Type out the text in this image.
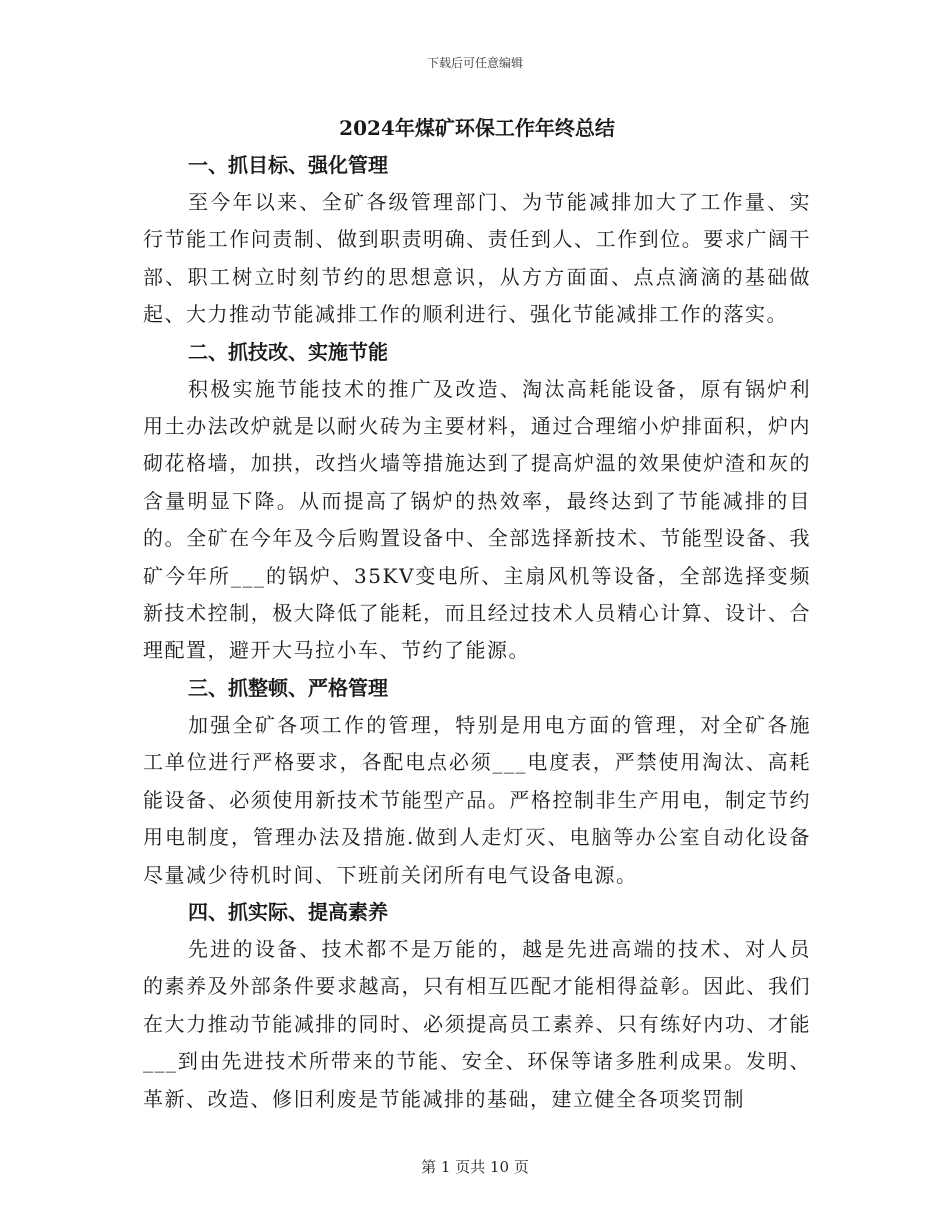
下载后可任意编辑
2024年煤矿环保工作年终总结
一、抓目标、强化管理

至今年以来、全矿各级管理部门、为节能减排加大了工作量、实行节能工作问责制、做到职责明确、责任到人、工作到位。要求广阔干部、职工树立时刻节约的思想意识，从方方面面、点点滴滴的基础做起、大力推动节能减排工作的顺利进行、强化节能减排工作的落实。

二、抓技改、实施节能

积极实施节能技术的推广及改造、淘汰高耗能设备，原有锅炉利用土办法改炉就是以耐火砖为主要材料，通过合理缩小炉排面积，炉内砌花格墙，加拱，改挡火墙等措施达到了提高炉温的效果使炉渣和灰的含量明显下降。从而提高了锅炉的热效率，最终达到了节能减排的目的。全矿在今年及今后购置设备中、全部选择新技术、节能型设备、我矿今年所___的锅炉、35KV变电所、主扇风机等设备，全部选择变频新技术控制，极大降低了能耗，而且经过技术人员精心计算、设计、合理配置，避开大马拉小车、节约了能源。

三、抓整顿、严格管理

加强全矿各项工作的管理，特别是用电方面的管理，对全矿各施工单位进行严格要求，各配电点必须___电度表，严禁使用淘汰、高耗能设备、必须使用新技术节能型产品。严格控制非生产用电，制定节约用电制度，管理办法及措施.做到人走灯灭、电脑等办公室自动化设备尽量减少待机时间、下班前关闭所有电气设备电源。

四、抓实际、提高素养

先进的设备、技术都不是万能的，越是先进高端的技术、对人员的素养及外部条件要求越高，只有相互匹配才能相得益彰。因此、我们在大力推动节能减排的同时、必须提高员工素养、只有练好内功、才能___到由先进技术所带来的节能、安全、环保等诸多胜利成果。发明、革新、改造、修旧利废是节能减排的基础，建立健全各项奖罚制

第 1 页共 10 页
